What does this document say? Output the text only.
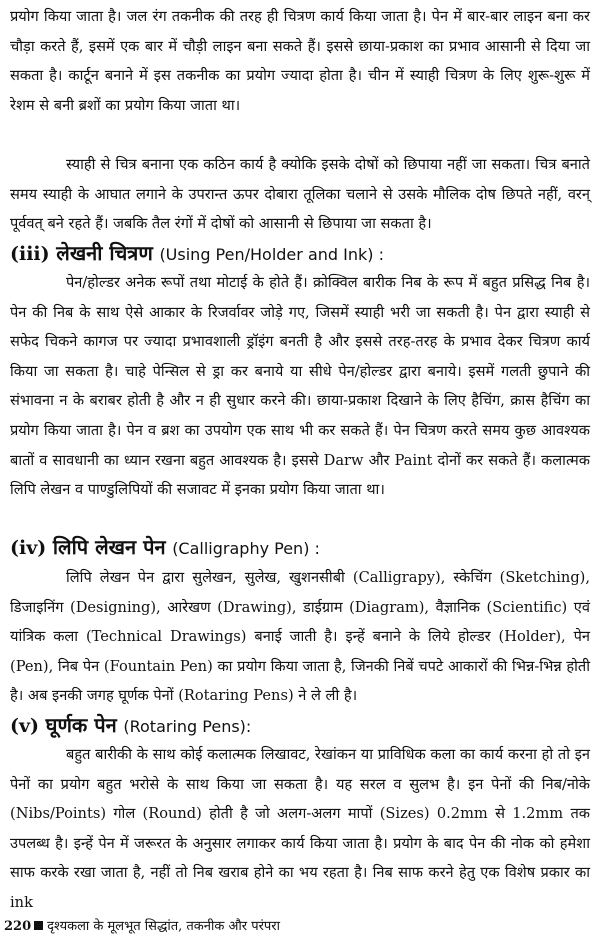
प्रयोग किया जाता है। जल रंग तकनीक की तरह ही चित्रण कार्य किया जाता है। पेन में बार-बार लाइन बना कर चौड़ा करते हैं, इसमें एक बार में चौड़ी लाइन बना सकते हैं। इससे छाया-प्रकाश का प्रभाव आसानी से दिया जा सकता है। कार्टून बनाने में इस तकनीक का प्रयोग ज्यादा होता है। चीन में स्याही चित्रण के लिए शुरू-शुरू में रेशम से बनी ब्रशों का प्रयोग किया जाता था।

स्याही से चित्र बनाना एक कठिन कार्य है क्योकि इसके दोषों को छिपाया नहीं जा सकता। चित्र बनाते समय स्याही के आघात लगाने के उपरान्त ऊपर दोबारा तूलिका चलाने से उसके मौलिक दोष छिपते नहीं, वरन् पूर्ववत् बने रहते हैं। जबकि तैल रंगों में दोषों को आसानी से छिपाया जा सकता है।

(iii) लेखनी चित्रण (Using Pen/Holder and Ink) :

पेन/होल्डर अनेक रूपों तथा मोटाई के होते हैं। क्रोक्विल बारीक निब के रूप में बहुत प्रसिद्ध निब है। पेन की निब के साथ ऐसे आकार के रिजर्वावर जोड़े गए, जिसमें स्याही भरी जा सकती है। पेन द्वारा स्याही से सफेद चिकने कागज पर ज्यादा प्रभावशाली ड्रॉइंग बनती है और इससे तरह-तरह के प्रभाव देकर चित्रण कार्य किया जा सकता है। चाहे पेन्सिल से ड्रा कर बनाये या सीधे पेन/होल्डर द्वारा बनाये। इसमें गलती छुपाने की संभावना न के बराबर होती है और न ही सुधार करने की। छाया-प्रकाश दिखाने के लिए हैचिंग, क्रास हैचिंग का प्रयोग किया जाता है। पेन व ब्रश का उपयोग एक साथ भी कर सकते हैं। पेन चित्रण करते समय कुछ आवश्यक बातों व सावधानी का ध्यान रखना बहुत आवश्यक है। इससे Darw और Paint दोनों कर सकते हैं। कलात्मक लिपि लेखन व पाण्डुलिपियों की सजावट में इनका प्रयोग किया जाता था।

(iv) लिपि लेखन पेन (Calligraphy Pen) :

लिपि लेखन पेन द्वारा सुलेखन, सुलेख, खुशनसीबी (Calligrapy), स्केचिंग (Sketching), डिजाइनिंग (Designing), आरेखण (Drawing), डाईग्राम (Diagram), वैज्ञानिक (Scientific) एवं यांत्रिक कला (Technical Drawings) बनाई जाती है। इन्हें बनाने के लिये होल्डर (Holder), पेन (Pen), निब पेन (Fountain Pen) का प्रयोग किया जाता है, जिनकी निबें चपटे आकारों की भिन्न-भिन्न होती है। अब इनकी जगह घूर्णक पेनों (Rotaring Pens) ने ले ली है।

(v) घूर्णक पेन (Rotaring Pens):

बहुत बारीकी के साथ कोई कलात्मक लिखावट, रेखांकन या प्राविधिक कला का कार्य करना हो तो इन पेनों का प्रयोग बहुत भरोसे के साथ किया जा सकता है। यह सरल व सुलभ है। इन पेनों की निब/नोके (Nibs/Points) गोल (Round) होती है जो अलग-अलग मापों (Sizes) 0.2mm से 1.2mm तक उपलब्ध है। इन्हें पेन में जरूरत के अनुसार लगाकर कार्य किया जाता है। प्रयोग के बाद पेन की नोक को हमेशा साफ करके रखा जाता है, नहीं तो निब खराब होने का भय रहता है। निब साफ करने हेतु एक विशेष प्रकार का ink

220 दृश्यकला के मूलभूत सिद्धांत, तकनीक और परंपरा
